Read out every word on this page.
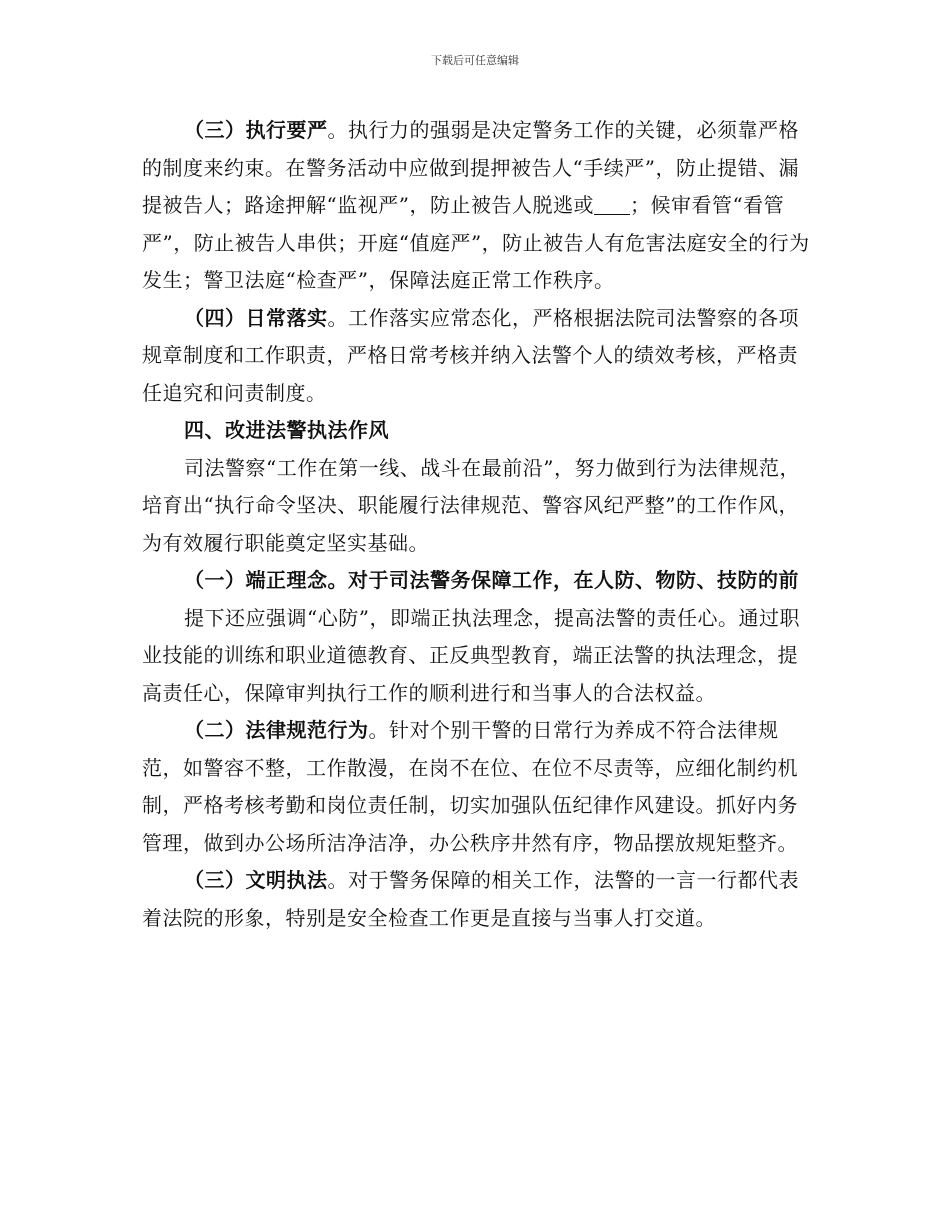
下载后可任意编辑

（三）执行要严。执行力的强弱是决定警务工作的关键，必须靠严格的制度来约束。在警务活动中应做到提押被告人“手续严”，防止提错、漏提被告人；路途押解“监视严”，防止被告人脱逃或 ；候审看管“看管严”，防止被告人串供；开庭“值庭严”，防止被告人有危害法庭安全的行为发生；警卫法庭“检查严”，保障法庭正常工作秩序。

（四）日常落实。工作落实应常态化，严格根据法院司法警察的各项规章制度和工作职责，严格日常考核并纳入法警个人的绩效考核，严格责任追究和问责制度。

四、改进法警执法作风

司法警察“工作在第一线、战斗在最前沿”，努力做到行为法律规范，培育出“执行命令坚决、职能履行法律规范、警容风纪严整”的工作作风，为有效履行职能奠定坚实基础。

（一）端正理念。对于司法警务保障工作，在人防、物防、技防的前

提下还应强调“心防”，即端正执法理念，提高法警的责任心。通过职业技能的训练和职业道德教育、正反典型教育，端正法警的执法理念，提高责任心，保障审判执行工作的顺利进行和当事人的合法权益。

（二）法律规范行为。针对个别干警的日常行为养成不符合法律规范，如警容不整，工作散漫，在岗不在位、在位不尽责等，应细化制约机制，严格考核考勤和岗位责任制，切实加强队伍纪律作风建设。抓好内务管理，做到办公场所洁净洁净，办公秩序井然有序，物品摆放规矩整齐。

（三）文明执法。对于警务保障的相关工作，法警的一言一行都代表着法院的形象，特别是安全检查工作更是直接与当事人打交道。
